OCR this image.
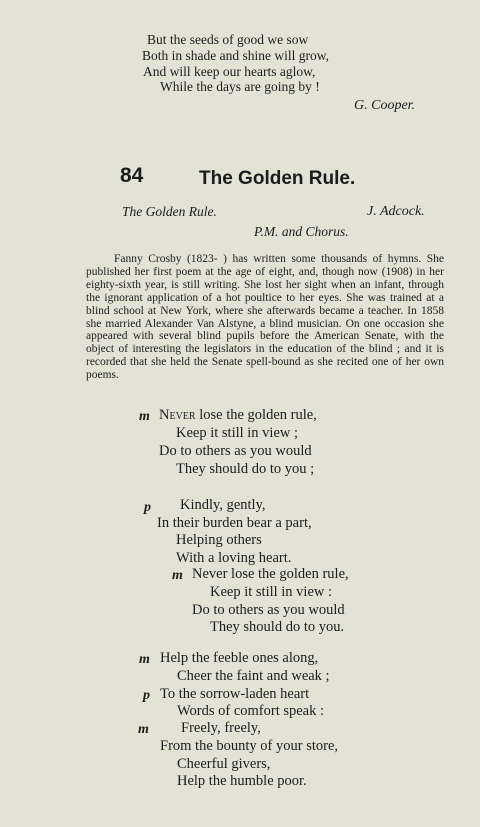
But the seeds of good we sow
Both in shade and shine will grow,
And will keep our hearts aglow,
While the days are going by !
G. Cooper.
84	The Golden Rule.
The Golden Rule.	J. Adcock.
P.M. and Chorus.

Fanny Crosby (1823- ) has written some thousands of hymns. She published her first poem at the age of eight, and, though now (1908) in her eighty-sixth year, is still writing. She lost her sight when an infant, through the ignorant application of a hot poultice to her eyes. She was trained at a blind school at New York, where she afterwards became a teacher. In 1858 she married Alexander Van Alstyne, a blind musician. On one occasion she appeared with several blind pupils before the American Senate, with the object of interesting the legislators in the education of the blind ; and it is recorded that she held the Senate spell-bound as she recited one of her own poems.

m Never lose the golden rule,
Keep it still in view ;
Do to others as you would
They should do to you ;
p Kindly, gently,
In their burden bear a part,
Helping others
With a loving heart.
m Never lose the golden rule,
Keep it still in view :
Do to others as you would
They should do to you.
m Help the feeble ones along,
Cheer the faint and weak ;
p To the sorrow-laden heart
Words of comfort speak :
m Freely, freely,
From the bounty of your store,
Cheerful givers,
Help the humble poor.
